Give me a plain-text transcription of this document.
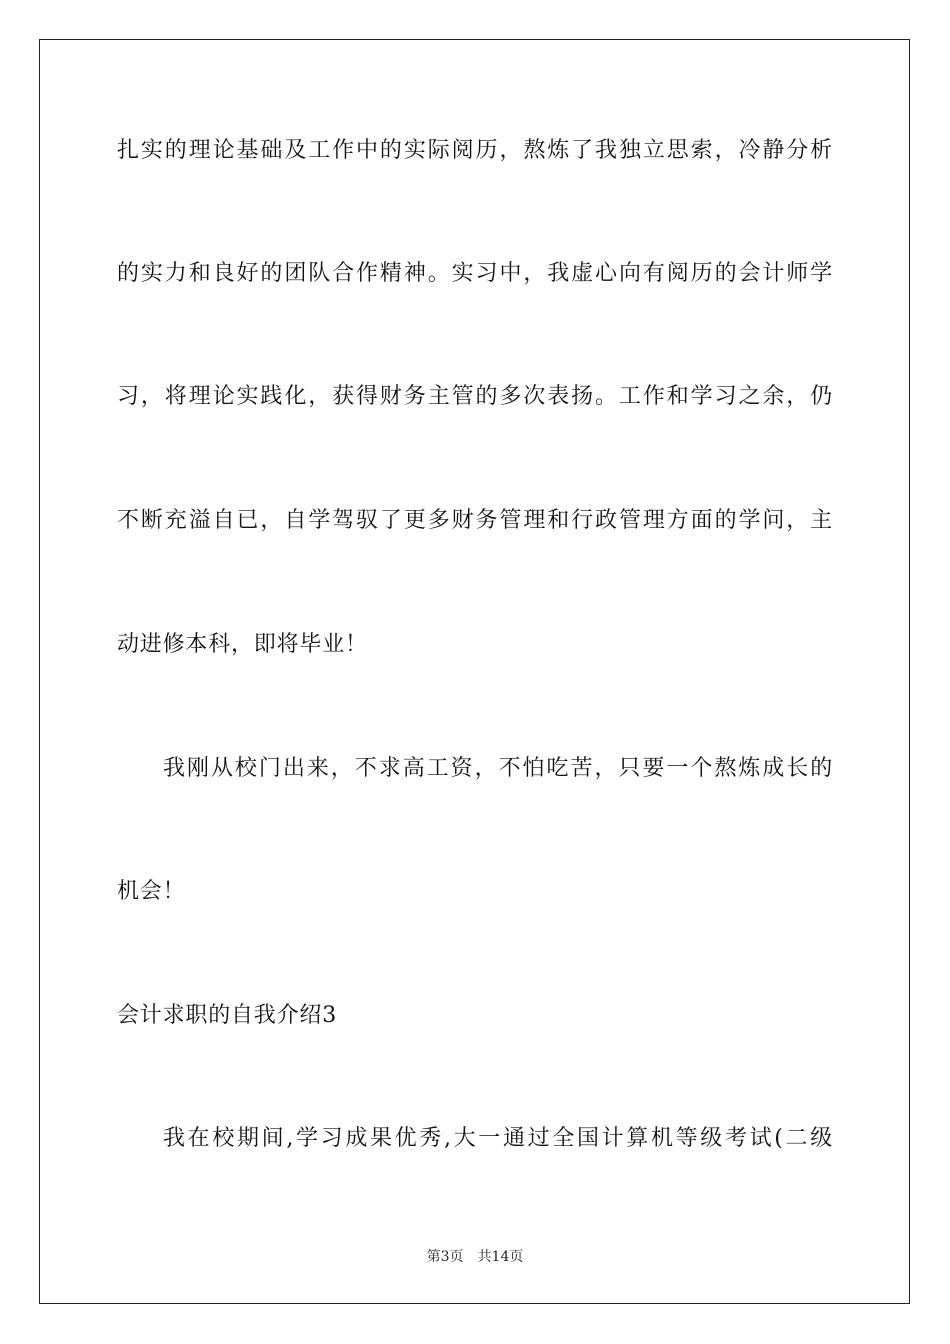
扎实的理论基础及工作中的实际阅历，熬炼了我独立思索，冷静分析
的实力和良好的团队合作精神。实习中，我虚心向有阅历的会计师学
习，将理论实践化，获得财务主管的多次表扬。工作和学习之余，仍
不断充溢自已，自学驾驭了更多财务管理和行政管理方面的学问，主
动进修本科，即将毕业！
我刚从校门出来，不求高工资，不怕吃苦，只要一个熬炼成长的
机会！
会计求职的自我介绍3
我在校期间,学习成果优秀,大一通过全国计算机等级考试(二级
第3页 共14页
